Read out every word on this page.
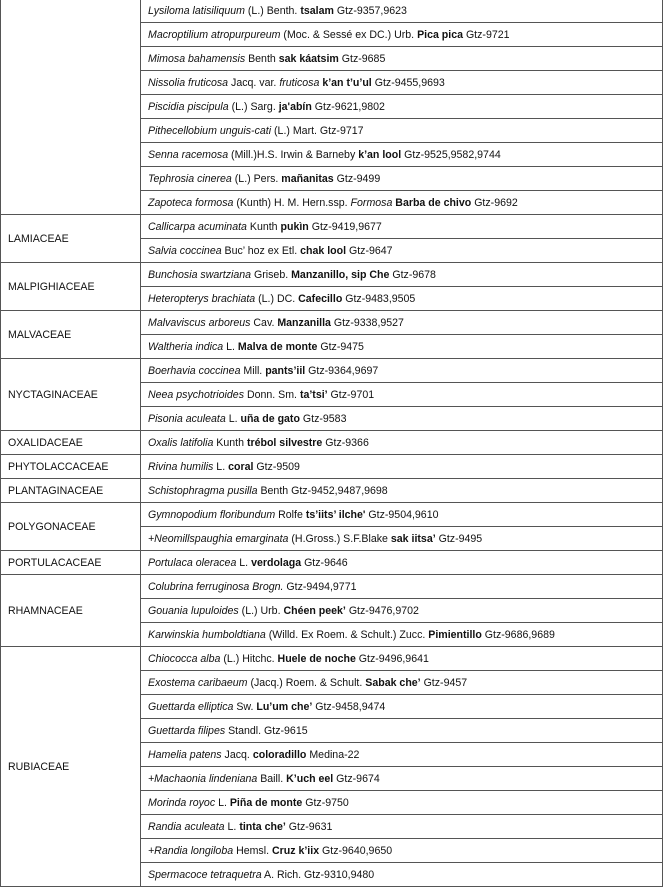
	Lysiloma latisiliquum (L.) Benth. tsalam Gtz-9357,9623
	Macroptilium atropurpureum (Moc. & Sessé ex DC.) Urb. Pica pica Gtz-9721
	Mimosa bahamensis Benth sak káatsim Gtz-9685
	Nissolia fruticosa Jacq. var. fruticosa k’an t’u’ul Gtz-9455,9693
	Piscidia piscipula (L.) Sarg. ja'abín Gtz-9621,9802
	Pithecellobium unguis-cati (L.) Mart. Gtz-9717
	Senna racemosa (Mill.)H.S. Irwin & Barneby k’an lool Gtz-9525,9582,9744
	Tephrosia cinerea (L.) Pers. mañanitas Gtz-9499
	Zapoteca formosa (Kunth) H. M. Hern.ssp. Formosa Barba de chivo Gtz-9692
LAMIACEAE	Callicarpa acuminata Kunth pukìn Gtz-9419,9677
	Salvia coccinea Buc’ hoz ex Etl. chak lool Gtz-9647
MALPIGHIACEAE	Bunchosia swartziana Griseb. Manzanillo, sip Che Gtz-9678
	Heteropterys brachiata (L.) DC. Cafecillo Gtz-9483,9505
MALVACEAE	Malvaviscus arboreus Cav. Manzanilla Gtz-9338,9527
	Waltheria indica L. Malva de monte Gtz-9475
NYCTAGINACEAE	Boerhavia coccinea Mill. pants’iil Gtz-9364,9697
	Neea psychotrioides Donn. Sm. ta’tsi’ Gtz-9701
	Pisonia aculeata L. uña de gato Gtz-9583
OXALIDACEAE	Oxalis latifolia Kunth trébol silvestre Gtz-9366
PHYTOLACCACEAE	Rivina humilis L. coral Gtz-9509
PLANTAGINACEAE	Schistophragma pusilla Benth Gtz-9452,9487,9698
POLYGONACEAE	Gymnopodium floribundum Rolfe ts’iits’ ilche' Gtz-9504,9610
	+Neomillspaughia emarginata (H.Gross.) S.F.Blake sak iitsa’ Gtz-9495
PORTULACACEAE	Portulaca oleracea L. verdolaga Gtz-9646
RHAMNACEAE	Colubrina ferruginosa Brogn. Gtz-9494,9771
	Gouania lupuloides (L.) Urb. Chéen peek’ Gtz-9476,9702
	Karwinskia humboldtiana (Willd. Ex Roem. & Schult.) Zucc. Pimientillo Gtz-9686,9689
RUBIACEAE	Chiococca alba (L.) Hitchc. Huele de noche Gtz-9496,9641
	Exostema caribaeum (Jacq.) Roem. & Schult. Sabak che’ Gtz-9457
	Guettarda elliptica Sw. Lu’um che’ Gtz-9458,9474
	Guettarda filipes Standl. Gtz-9615
	Hamelia patens Jacq. coloradillo Medina-22
	+Machaonia lindeniana Baill. K’uch eel Gtz-9674
	Morinda royoc L. Piña de monte Gtz-9750
	Randia aculeata L. tinta che’ Gtz-9631
	+Randia longiloba Hemsl. Cruz k’iix Gtz-9640,9650
	Spermacoce tetraquetra A. Rich. Gtz-9310,9480
